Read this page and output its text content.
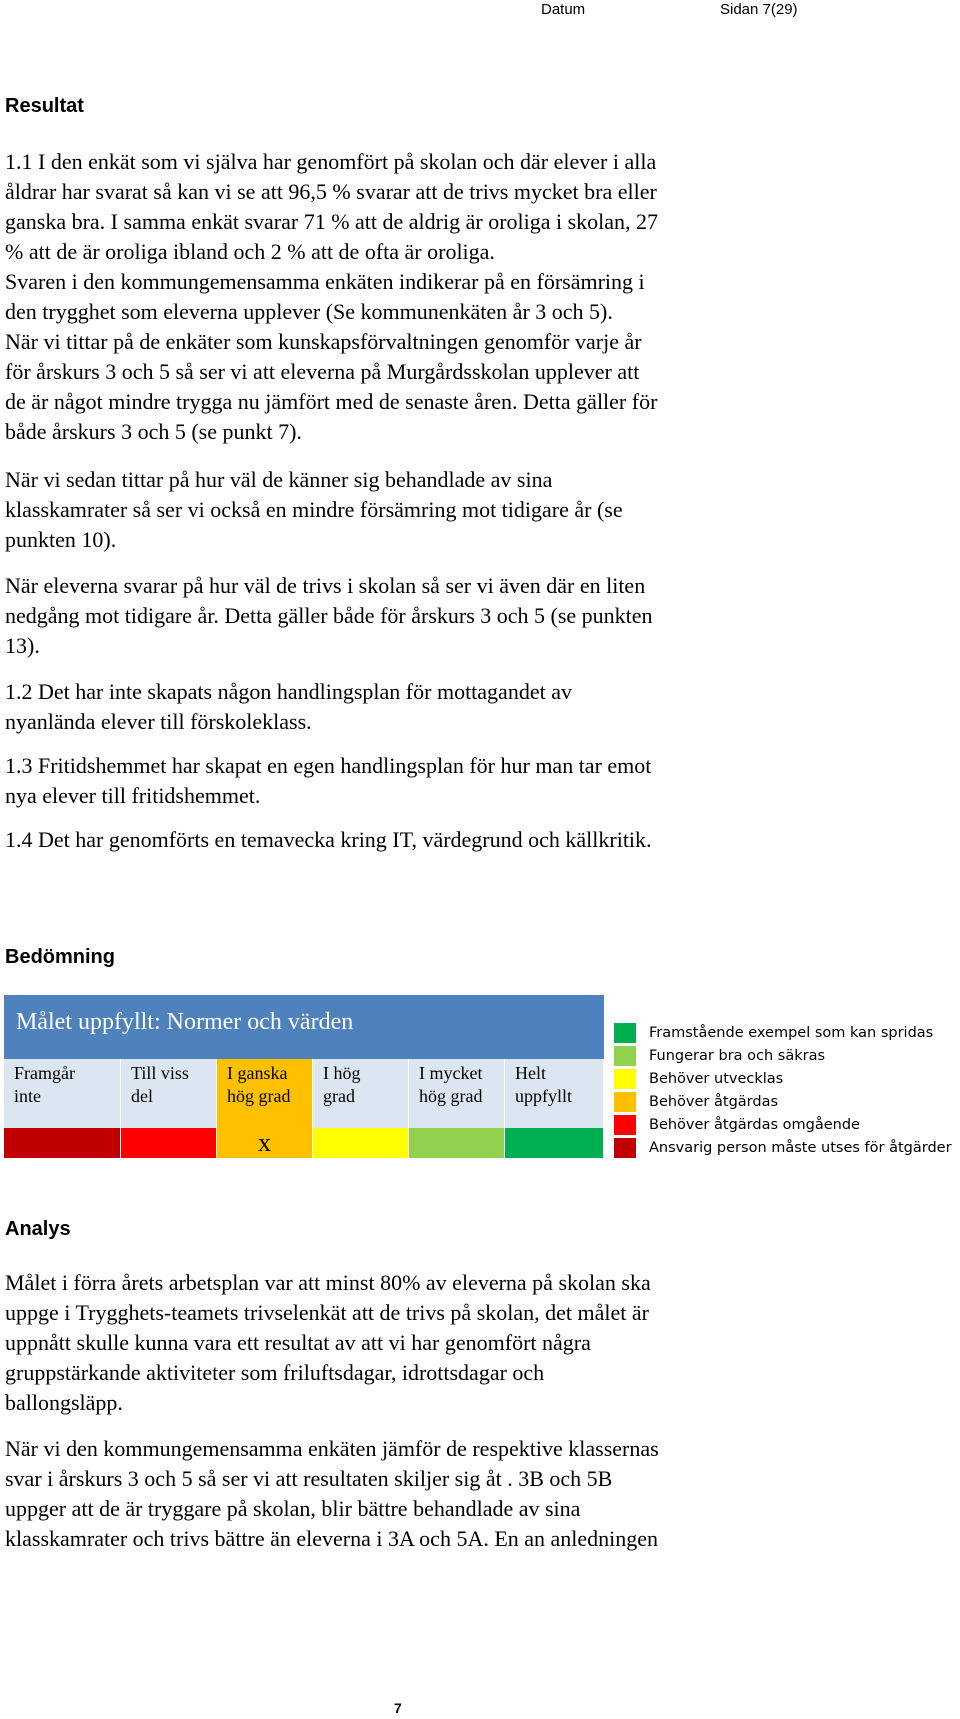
Datum	Sidan 7(29)
Resultat

1.1 I den enkät som vi själva har genomfört på skolan och där elever i alla
åldrar har svarat så kan vi se att 96,5 % svarar att de trivs mycket bra eller
ganska bra. I samma enkät svarar 71 % att de aldrig är oroliga i skolan, 27
% att de är oroliga ibland och 2 % att de ofta är oroliga.
Svaren i den kommungemensamma enkäten indikerar på en försämring i
den trygghet som eleverna upplever (Se kommunenkäten år 3 och 5).
När vi tittar på de enkäter som kunskapsförvaltningen genomför varje år
för årskurs 3 och 5 så ser vi att eleverna på Murgårdsskolan upplever att
de är något mindre trygga nu jämfört med de senaste åren. Detta gäller för
både årskurs 3 och 5 (se punkt 7).

När vi sedan tittar på hur väl de känner sig behandlade av sina
klasskamrater så ser vi också en mindre försämring mot tidigare år (se
punkten 10).

När eleverna svarar på hur väl de trivs i skolan så ser vi även där en liten
nedgång mot tidigare år. Detta gäller både för årskurs 3 och 5 (se punkten
13).

1.2 Det har inte skapats någon handlingsplan för mottagandet av
nyanlända elever till förskoleklass.

1.3 Fritidshemmet har skapat en egen handlingsplan för hur man tar emot
nya elever till fritidshemmet.

1.4 Det har genomförts en temavecka kring IT, värdegrund och källkritik.

Bedömning
Målet uppfyllt: Normer och värden
Framgår
inte
Till viss
del
I ganska
hög grad
I hög
grad
I mycket
hög grad
Helt
uppfyllt
x
Framstående exempel som kan spridas
Fungerar bra och säkras
Behöver utvecklas
Behöver åtgärdas
Behöver åtgärdas omgående
Ansvarig person måste utses för åtgärder
Analys

Målet i förra årets arbetsplan var att minst 80% av eleverna på skolan ska
uppge i Trygghets-teamets trivselenkät att de trivs på skolan, det målet är
uppnått skulle kunna vara ett resultat av att vi har genomfört några
gruppstärkande aktiviteter som friluftsdagar, idrottsdagar och
ballongsläpp.

När vi den kommungemensamma enkäten jämför de respektive klassernas
svar i årskurs 3 och 5 så ser vi att resultaten skiljer sig åt . 3B och 5B
uppger att de är tryggare på skolan, blir bättre behandlade av sina
klasskamrater och trivs bättre än eleverna i 3A och 5A. En an anledningen

7
